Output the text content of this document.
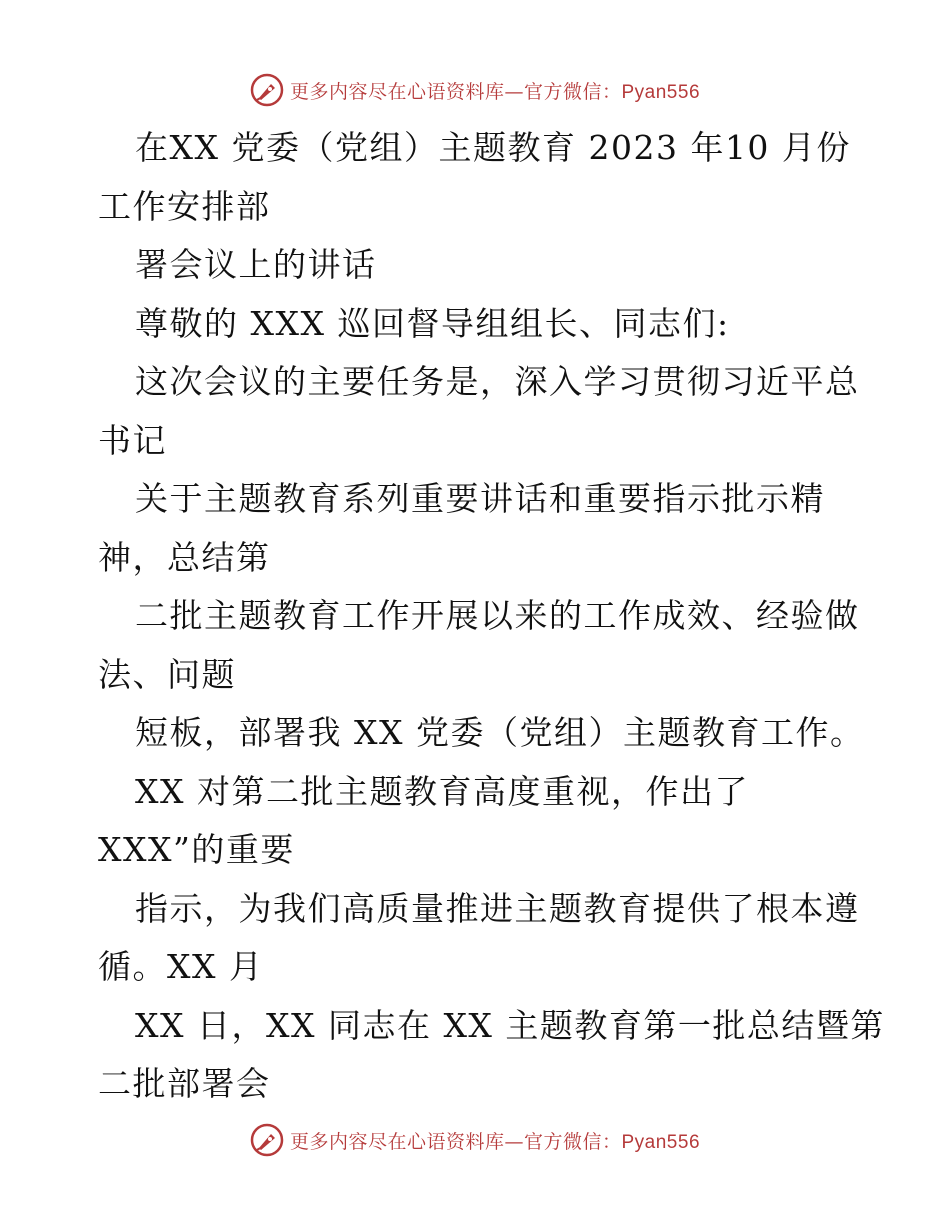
更多内容尽在心语资料库—官方微信：Pyan556
在XX 党委（党组）主题教育 2023 年10 月份
工作安排部
署会议上的讲话
尊敬的 XXX 巡回督导组组长、同志们:
这次会议的主要任务是，深入学习贯彻习近平总
书记
关于主题教育系列重要讲话和重要指示批示精
神，总结第
二批主题教育工作开展以来的工作成效、经验做
法、问题
短板，部署我 XX 党委（党组）主题教育工作。
XX 对第二批主题教育高度重视，作出了
XXX”的重要
指示，为我们高质量推进主题教育提供了根本遵
循。XX 月
XX 日，XX 同志在 XX 主题教育第一批总结暨第
二批部署会
更多内容尽在心语资料库—官方微信：Pyan556
